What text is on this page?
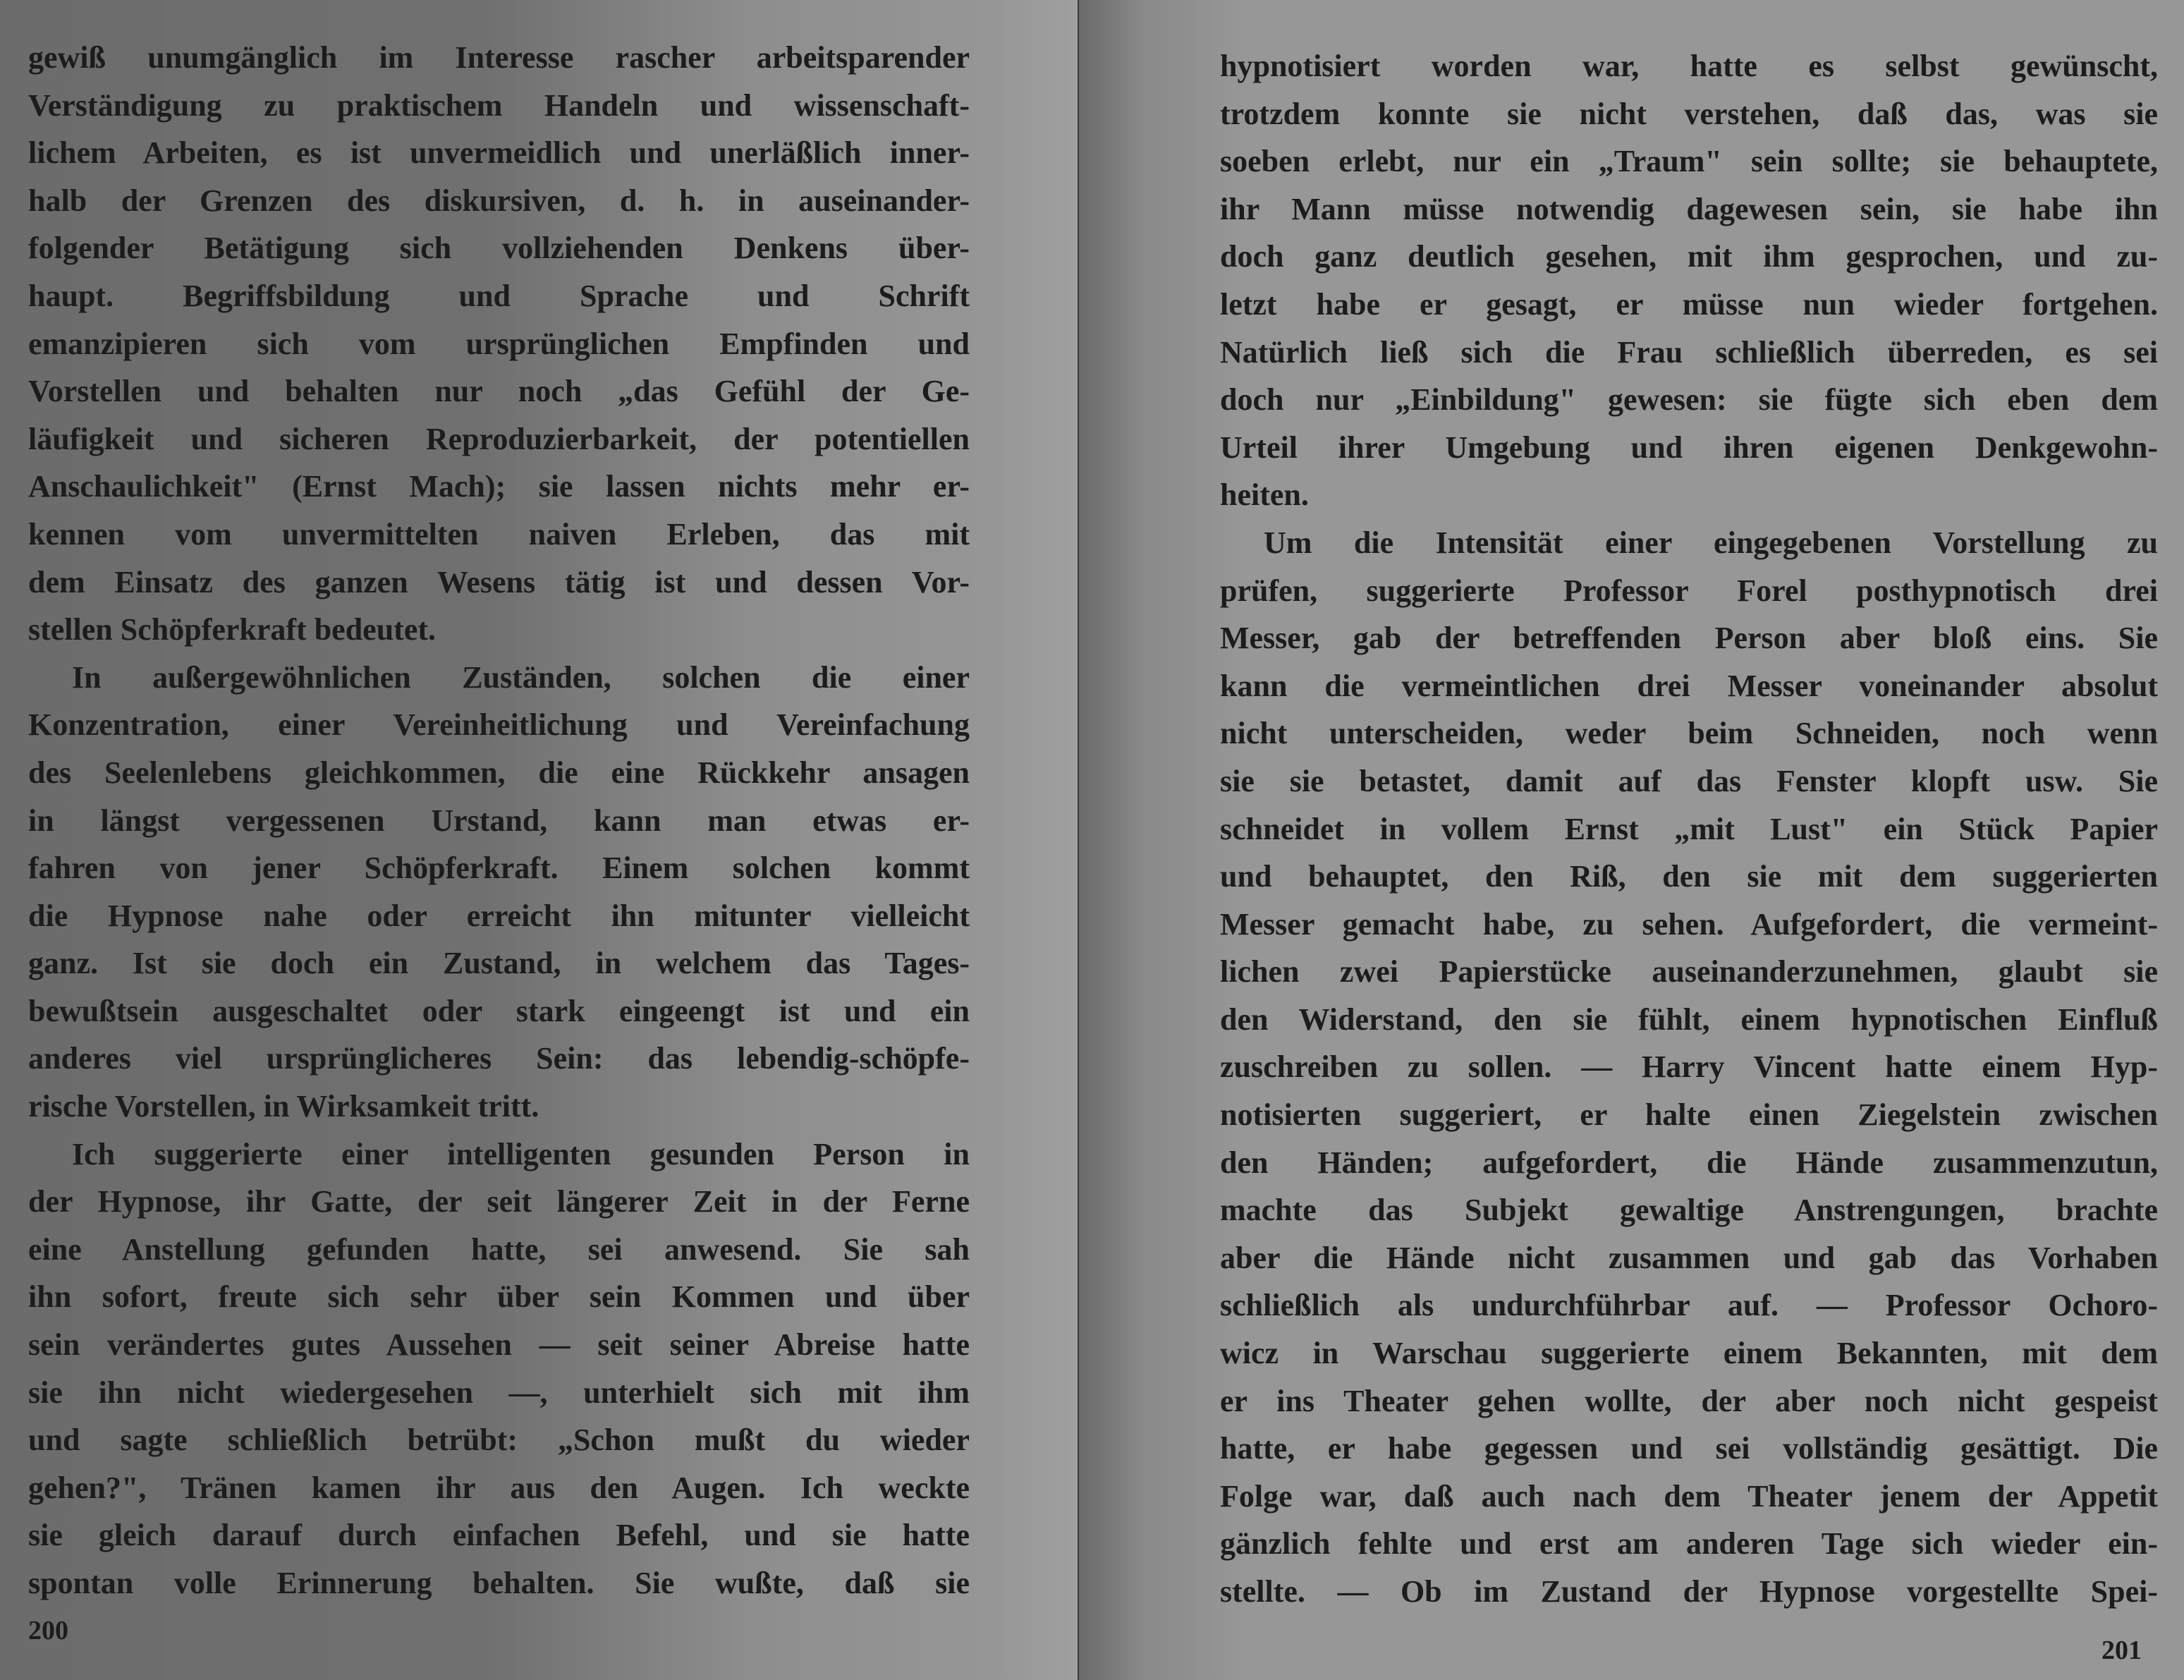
gewiß unumgänglich im Interesse rascher arbeitsparender
Verständigung zu praktischem Handeln und wissenschaft-
lichem Arbeiten, es ist unvermeidlich und unerläßlich inner-
halb der Grenzen des diskursiven, d. h. in auseinander-
folgender Betätigung sich vollziehenden Denkens über-
haupt. Begriffsbildung und Sprache und Schrift
emanzipieren sich vom ursprünglichen Empfinden und
Vorstellen und behalten nur noch „das Gefühl der Ge-
läufigkeit und sicheren Reproduzierbarkeit, der potentiellen
Anschaulichkeit" (Ernst Mach); sie lassen nichts mehr er-
kennen vom unvermittelten naiven Erleben, das mit
dem Einsatz des ganzen Wesens tätig ist und dessen Vor-
stellen Schöpferkraft bedeutet.
In außergewöhnlichen Zuständen, solchen die einer
Konzentration, einer Vereinheitlichung und Vereinfachung
des Seelenlebens gleichkommen, die eine Rückkehr ansagen
in längst vergessenen Urstand, kann man etwas er-
fahren von jener Schöpferkraft. Einem solchen kommt
die Hypnose nahe oder erreicht ihn mitunter vielleicht
ganz. Ist sie doch ein Zustand, in welchem das Tages-
bewußtsein ausgeschaltet oder stark eingeengt ist und ein
anderes viel ursprünglicheres Sein: das lebendig-schöpfe-
rische Vorstellen, in Wirksamkeit tritt.
Ich suggerierte einer intelligenten gesunden Person in
der Hypnose, ihr Gatte, der seit längerer Zeit in der Ferne
eine Anstellung gefunden hatte, sei anwesend. Sie sah
ihn sofort, freute sich sehr über sein Kommen und über
sein verändertes gutes Aussehen — seit seiner Abreise hatte
sie ihn nicht wiedergesehen —, unterhielt sich mit ihm
und sagte schließlich betrübt: „Schon mußt du wieder
gehen?", Tränen kamen ihr aus den Augen. Ich weckte
sie gleich darauf durch einfachen Befehl, und sie hatte
spontan volle Erinnerung behalten. Sie wußte, daß sie
200
hypnotisiert worden war, hatte es selbst gewünscht,
trotzdem konnte sie nicht verstehen, daß das, was sie
soeben erlebt, nur ein „Traum" sein sollte; sie behauptete,
ihr Mann müsse notwendig dagewesen sein, sie habe ihn
doch ganz deutlich gesehen, mit ihm gesprochen, und zu-
letzt habe er gesagt, er müsse nun wieder fortgehen.
Natürlich ließ sich die Frau schließlich überreden, es sei
doch nur „Einbildung" gewesen: sie fügte sich eben dem
Urteil ihrer Umgebung und ihren eigenen Denkgewohn-
heiten.
Um die Intensität einer eingegebenen Vorstellung zu
prüfen, suggerierte Professor Forel posthypnotisch drei
Messer, gab der betreffenden Person aber bloß eins. Sie
kann die vermeintlichen drei Messer voneinander absolut
nicht unterscheiden, weder beim Schneiden, noch wenn
sie sie betastet, damit auf das Fenster klopft usw. Sie
schneidet in vollem Ernst „mit Lust" ein Stück Papier
und behauptet, den Riß, den sie mit dem suggerierten
Messer gemacht habe, zu sehen. Aufgefordert, die vermeint-
lichen zwei Papierstücke auseinanderzunehmen, glaubt sie
den Widerstand, den sie fühlt, einem hypnotischen Einfluß
zuschreiben zu sollen. — Harry Vincent hatte einem Hyp-
notisierten suggeriert, er halte einen Ziegelstein zwischen
den Händen; aufgefordert, die Hände zusammenzutun,
machte das Subjekt gewaltige Anstrengungen, brachte
aber die Hände nicht zusammen und gab das Vorhaben
schließlich als undurchführbar auf. — Professor Ochoro-
wicz in Warschau suggerierte einem Bekannten, mit dem
er ins Theater gehen wollte, der aber noch nicht gespeist
hatte, er habe gegessen und sei vollständig gesättigt. Die
Folge war, daß auch nach dem Theater jenem der Appetit
gänzlich fehlte und erst am anderen Tage sich wieder ein-
stellte. — Ob im Zustand der Hypnose vorgestellte Spei-
201
